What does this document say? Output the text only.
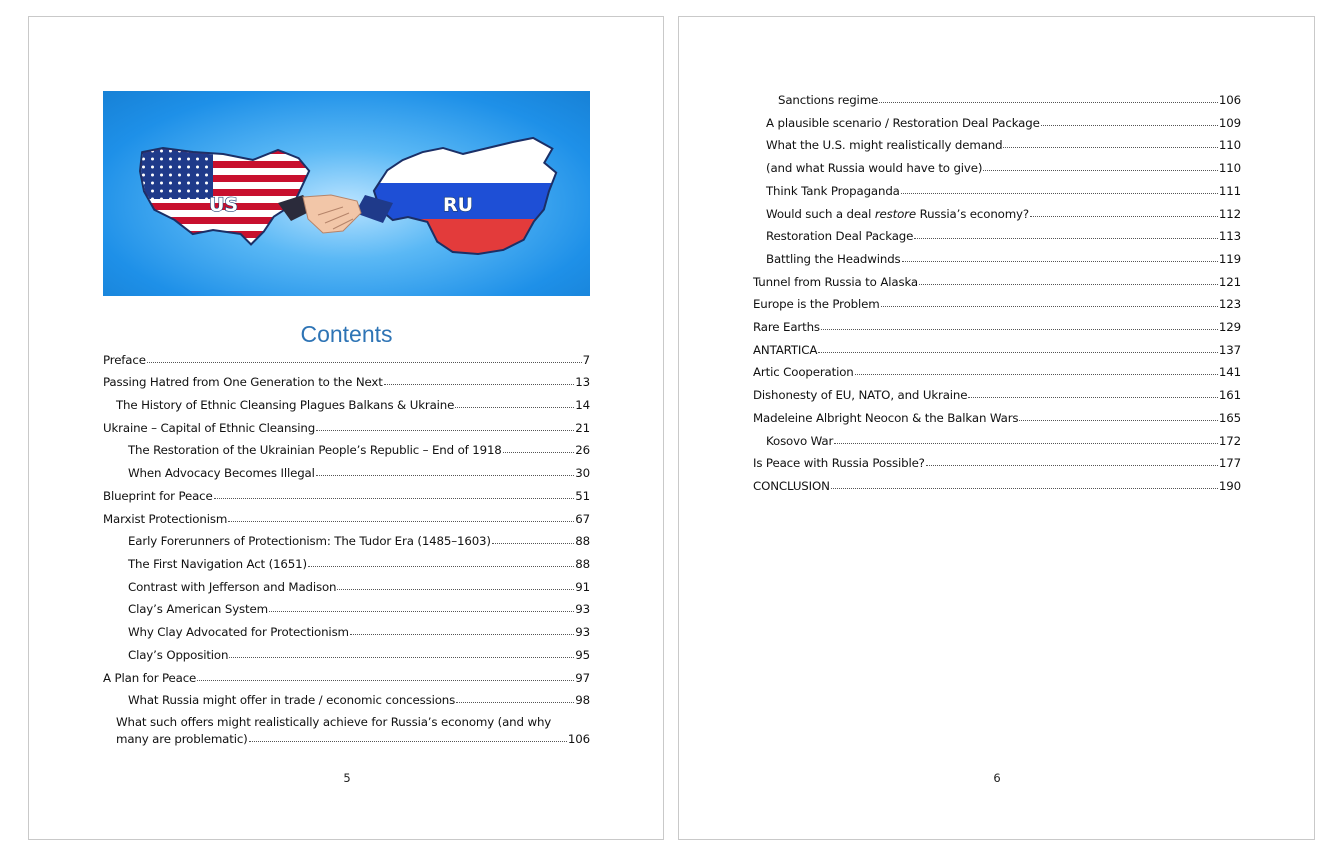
US	RU
Contents
Preface	7
Passing Hatred from One Generation to the Next	13
The History of Ethnic Cleansing Plagues Balkans & Ukraine	14
Ukraine – Capital of Ethnic Cleansing	21
The Restoration of the Ukrainian People’s Republic – End of 1918	26
When Advocacy Becomes Illegal	30
Blueprint for Peace	51
Marxist Protectionism	67
Early Forerunners of Protectionism: The Tudor Era (1485–1603)	88
The First Navigation Act (1651)	88
Contrast with Jefferson and Madison	91
Clay’s American System	93
Why Clay Advocated for Protectionism	93
Clay’s Opposition	95
A Plan for Peace	97
What Russia might offer in trade / economic concessions	98
What such offers might realistically achieve for Russia’s economy (and why
many are problematic)	106
5
Sanctions regime	106
A plausible scenario / Restoration Deal Package	109
What the U.S. might realistically demand	110
(and what Russia would have to give)	110
Think Tank Propaganda	111
Would such a deal restore Russia’s economy?	112
Restoration Deal Package	113
Battling the Headwinds	119
Tunnel from Russia to Alaska	121
Europe is the Problem	123
Rare Earths	129
ANTARTICA	137
Artic Cooperation	141
Dishonesty of EU, NATO, and Ukraine	161
Madeleine Albright Neocon & the Balkan Wars	165
Kosovo War	172
Is Peace with Russia Possible?	177
CONCLUSION	190
6
